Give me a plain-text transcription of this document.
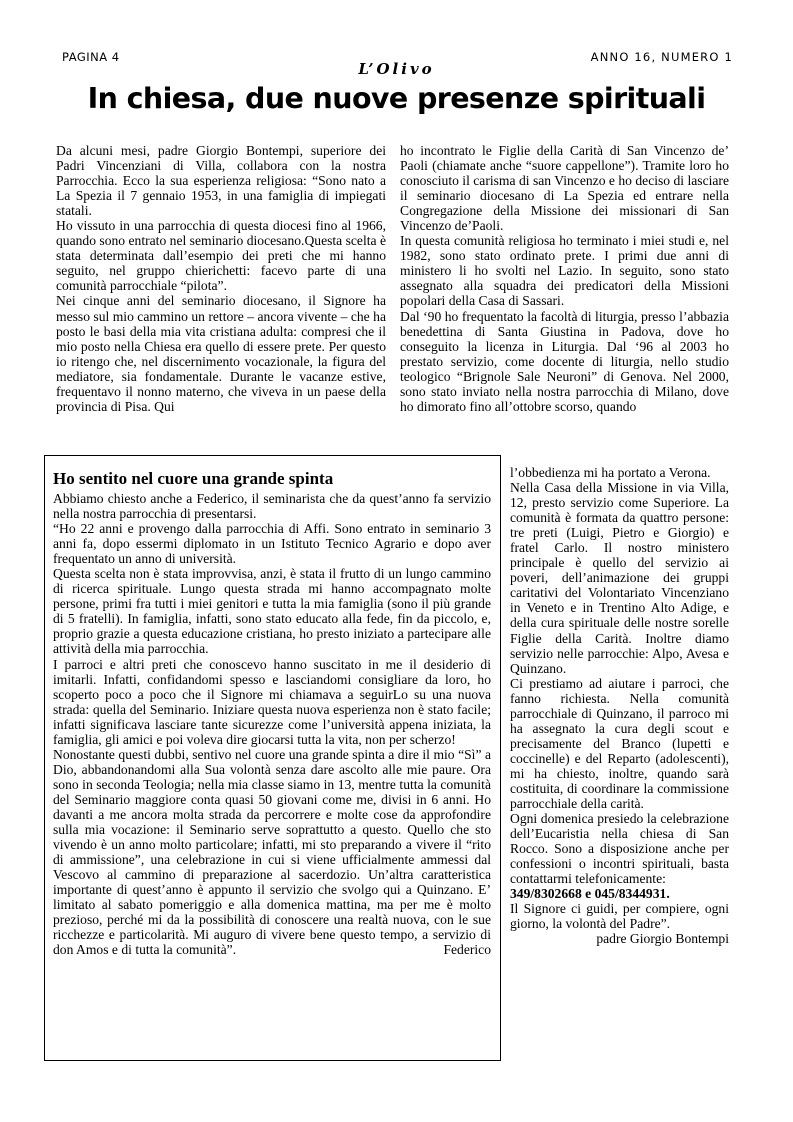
PAGINA 4
L’Olivo
ANNO 16, NUMERO 1
In chiesa, due nuove presenze spirituali

Da alcuni mesi, padre Giorgio Bontempi, superiore dei Padri Vincenziani di Villa, collabora con la nostra Parrocchia. Ecco la sua esperienza religiosa: “Sono nato a La Spezia il 7 gennaio 1953, in una famiglia di impiegati statali.

Ho vissuto in una parrocchia di questa diocesi fino al 1966, quando sono entrato nel seminario diocesano.Questa scelta è stata determinata dall’esempio dei preti che mi hanno seguito, nel gruppo chierichetti: facevo parte di una comunità parrocchiale “pilota”.

Nei cinque anni del seminario diocesano, il Signore ha messo sul mio cammino un rettore – ancora vivente – che ha posto le basi della mia vita cristiana adulta: compresi che il mio posto nella Chiesa era quello di essere prete. Per questo io ritengo che, nel discernimento vocazionale, la figura del mediatore, sia fondamentale. Durante le vacanze estive, frequentavo il nonno materno, che viveva in un paese della provincia di Pisa. Qui

ho incontrato le Figlie della Carità di San Vincenzo de’ Paoli (chiamate anche “suore cappellone”). Tramite loro ho conosciuto il carisma di san Vincenzo e ho deciso di lasciare il seminario diocesano di La Spezia ed entrare nella Congregazione della Missione dei missionari di San Vincenzo de’Paoli.

In questa comunità religiosa ho terminato i miei studi e, nel 1982, sono stato ordinato prete. I primi due anni di ministero li ho svolti nel Lazio. In seguito, sono stato assegnato alla squadra dei predicatori della Missioni popolari della Casa di Sassari.

Dal ‘90 ho frequentato la facoltà di liturgia, presso l’abbazia benedettina di Santa Giustina in Padova, dove ho conseguito la licenza in Liturgia. Dal ‘96 al 2003 ho prestato servizio, come docente di liturgia, nello studio teologico “Brignole Sale Neuroni” di Genova. Nel 2000, sono stato inviato nella nostra parrocchia di Milano, dove ho dimorato fino all’ottobre scorso, quando

l’obbedienza mi ha portato a Verona.

Nella Casa della Missione in via Villa, 12, presto servizio come Superiore. La comunità è formata da quattro persone: tre preti (Luigi, Pietro e Giorgio) e fratel Carlo. Il nostro ministero principale è quello del servizio ai poveri, dell’animazione dei gruppi caritativi del Volontariato Vincenziano in Veneto e in Trentino Alto Adige, e della cura spirituale delle nostre sorelle Figlie della Carità. Inoltre diamo servizio nelle parrocchie: Alpo, Avesa e Quinzano.

Ci prestiamo ad aiutare i parroci, che fanno richiesta. Nella comunità parrocchiale di Quinzano, il parroco mi ha assegnato la cura degli scout e precisamente del Branco (lupetti e coccinelle) e del Reparto (adolescenti), mi ha chiesto, inoltre, quando sarà costituita, di coordinare la commissione parrocchiale della carità.

Ogni domenica presiedo la celebrazione dell’Eucaristia nella chiesa di San Rocco. Sono a disposizione anche per confessioni o incontri spirituali, basta contattarmi telefonicamente:

349/8302668 e 045/8344931.

Il Signore ci guidi, per compiere, ogni giorno, la volontà del Padre”.

padre Giorgio Bontempi

Ho sentito nel cuore una grande spinta

Abbiamo chiesto anche a Federico, il seminarista che da quest’anno fa servizio nella nostra parrocchia di presentarsi.

“Ho 22 anni e provengo dalla parrocchia di Affi. Sono entrato in seminario 3 anni fa, dopo essermi diplomato in un Istituto Tecnico Agrario e dopo aver frequentato un anno di università.

Questa scelta non è stata improvvisa, anzi, è stata il frutto di un lungo cammino di ricerca spirituale. Lungo questa strada mi hanno accompagnato molte persone, primi fra tutti i miei genitori e tutta la mia famiglia (sono il più grande di 5 fratelli). In famiglia, infatti, sono stato educato alla fede, fin da piccolo, e, proprio grazie a questa educazione cristiana, ho presto iniziato a partecipare alle attività della mia parrocchia.

I parroci e altri preti che conoscevo hanno suscitato in me il desiderio di imitarli. Infatti, confidandomi spesso e lasciandomi consigliare da loro, ho scoperto poco a poco che il Signore mi chiamava a seguirLo su una nuova strada: quella del Seminario. Iniziare questa nuova esperienza non è stato facile; infatti significava lasciare tante sicurezze come l’università appena iniziata, la famiglia, gli amici e poi voleva dire giocarsi tutta la vita, non per scherzo!

Nonostante questi dubbi, sentivo nel cuore una grande spinta a dire il mio “Sì” a Dio, abbandonandomi alla Sua volontà senza dare ascolto alle mie paure. Ora sono in seconda Teologia; nella mia classe siamo in 13, mentre tutta la comunità del Seminario maggiore conta quasi 50 giovani come me, divisi in 6 anni. Ho davanti a me ancora molta strada da percorrere e molte cose da approfondire sulla mia vocazione: il Seminario serve soprattutto a questo. Quello che sto vivendo è un anno molto particolare; infatti, mi sto preparando a vivere il “rito di ammissione”, una celebrazione in cui si viene ufficialmente ammessi dal Vescovo al cammino di preparazione al sacerdozio. Un’altra caratteristica importante di quest’anno è appunto il servizio che svolgo qui a Quinzano. E’ limitato al sabato pomeriggio e alla domenica mattina, ma per me è molto prezioso, perché mi da la possibilità di conoscere una realtà nuova, con le sue ricchezze e particolarità. Mi auguro di vivere bene questo tempo, a servizio di don Amos e di tutta la comunità”.	Federico
